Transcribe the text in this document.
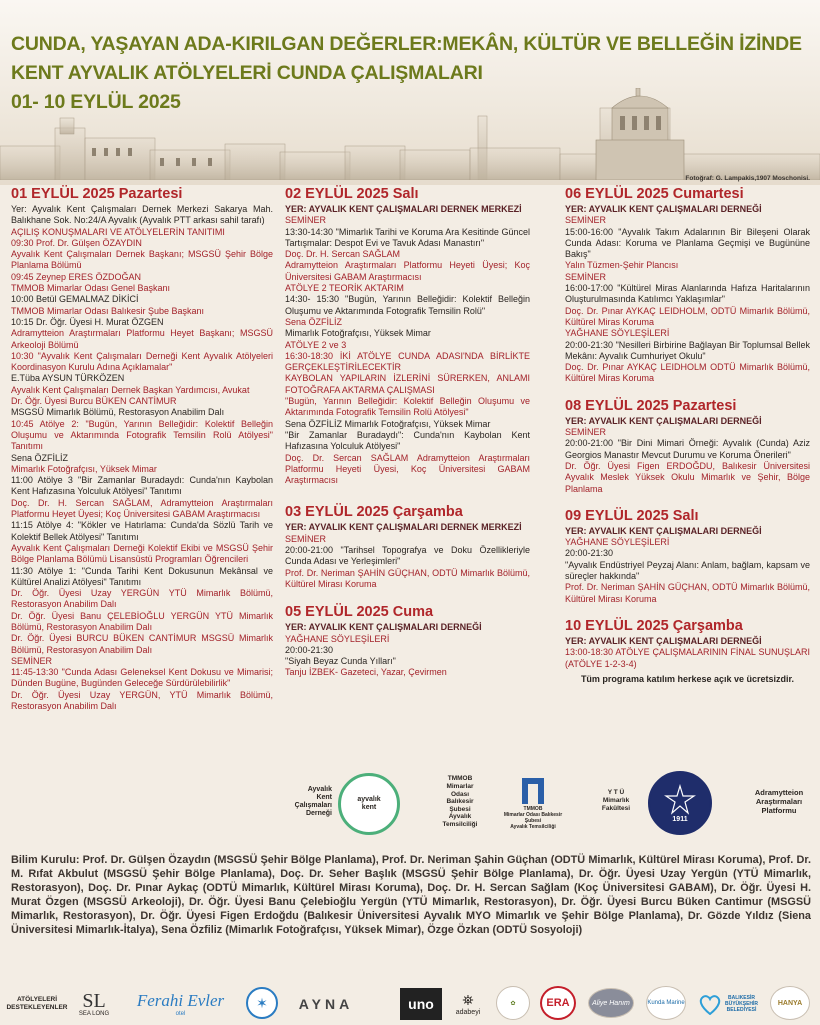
CUNDA, YAŞAYAN ADA-KIRILGAN DEĞERLER:MEKÂN, KÜLTÜR VE BELLEĞİN İZİNDE
KENT AYVALIK ATÖLYELERİ CUNDA ÇALIŞMALARI
01- 10 EYLÜL 2025
Fotoğraf: G. Lampakis,1907 Moschonisi.
01 EYLÜL 2025 Pazartesi
Yer: Ayvalık Kent Çalışmaları Dernek Merkezi Sakarya Mah. Balıkhane Sok. No:24/A Ayvalık (Ayvalık PTT arkası sahil tarafı)
AÇILIŞ KONUŞMALARI VE ATÖLYELERİN TANITIMI
09:30 Prof. Dr. Gülşen ÖZAYDIN
Ayvalık Kent Çalışmaları Dernek Başkanı; MSGSÜ Şehir Bölge Planlama Bölümü
09:45 Zeynep ERES ÖZDOĞAN
TMMOB Mimarlar Odası Genel Başkanı
10:00 Betül GEMALMAZ DİKİCİ
TMMOB Mimarlar Odası Balıkesir Şube Başkanı
10:15 Dr. Öğr. Üyesi H. Murat ÖZGEN
Adramytteion Araştırmaları Platformu Heyet Başkanı; MSGSÜ Arkeoloji Bölümü
10:30 "Ayvalık Kent Çalışmaları Derneği Kent Ayvalık Atölyeleri Koordinasyon Kurulu Adına Açıklamalar"
E.Tüba AYSUN TÜRKÖZEN
Ayvalık Kent Çalışmaları Dernek Başkan Yardımcısı, Avukat
Dr. Öğr. Üyesi Burcu BÜKEN CANTİMUR
MSGSÜ Mimarlık Bölümü, Restorasyon Anabilim Dalı
10:45 Atölye 2: "Bugün, Yarının Belleğidir: Kolektif Belleğin Oluşumu ve Aktarımında Fotografik Temsilin Rolü Atölyesi" Tanıtımı
Sena ÖZFİLİZ
Mimarlık Fotoğrafçısı, Yüksek Mimar
11:00 Atölye 3 "Bir Zamanlar Buradaydı: Cunda'nın Kaybolan Kent Hafızasına Yolculuk Atölyesi" Tanıtımı
Doç. Dr. H. Sercan SAĞLAM, Adramytteion Araştırmaları Platformu Heyet Üyesi; Koç Üniversitesi GABAM Araştırmacısı
11:15 Atölye 4: "Kökler ve Hatırlama: Cunda'da Sözlü Tarih ve Kolektif Bellek Atölyesi" Tanıtımı
Ayvalık Kent Çalışmaları Derneği Kolektif Ekibi ve MSGSÜ Şehir Bölge Planlama Bölümü Lisansüstü Programları Öğrencileri
11:30 Atölye 1: "Cunda Tarihi Kent Dokusunun Mekânsal ve Kültürel Analizi Atölyesi" Tanıtımı
Dr. Öğr. Üyesi Uzay YERGÜN YTÜ Mimarlık Bölümü, Restorasyon Anabilim Dalı
Dr. Öğr. Üyesi Banu ÇELEBİOĞLU YERGÜN YTÜ Mimarlık Bölümü, Restorasyon Anabilim Dalı
Dr. Öğr. Üyesi BURCU BÜKEN CANTİMUR MSGSÜ Mimarlık Bölümü, Restorasyon Anabilim Dalı
SEMİNER
11:45-13:30 "Cunda Adası Geleneksel Kent Dokusu ve Mimarisi; Dünden Bugüne, Bugünden Geleceğe Sürdürülebilirlik"
Dr. Öğr. Üyesi Uzay YERGÜN, YTÜ Mimarlık Bölümü, Restorasyon Anabilim Dalı
02 EYLÜL 2025 Salı
YER: AYVALIK KENT ÇALIŞMALARI DERNEK MERKEZİ
SEMİNER
13:30-14:30 "Mimarlık Tarihi ve Koruma Ara Kesitinde Güncel Tartışmalar: Despot Evi ve Tavuk Adası Manastırı"
Doç. Dr. H. Sercan SAĞLAM
Adramytteion Araştırmaları Platformu Heyeti Üyesi; Koç Üniversitesi GABAM Araştırmacısı
ATÖLYE 2 TEORİK AKTARIM
14:30- 15:30 "Bugün, Yarının Belleğidir: Kolektif Belleğin Oluşumu ve Aktarımında Fotografik Temsilin Rolü"
Sena ÖZFİLİZ
Mimarlık Fotoğrafçısı, Yüksek Mimar
ATÖLYE 2 ve 3
16:30-18:30 İKİ ATÖLYE CUNDA ADASI'NDA BİRLİKTE GERÇEKLEŞTİRİLECEKTİR
KAYBOLAN YAPILARIN İZLERİNİ SÜRERKEN, ANLAMI FOTOĞRAFA AKTARMA ÇALIŞMASI
"Bugün, Yarının Belleğidir: Kolektif Belleğin Oluşumu ve Aktarımında Fotografik Temsilin Rolü Atölyesi"
Sena ÖZFİLİZ Mimarlık Fotoğrafçısı, Yüksek Mimar
"Bir Zamanlar Buradaydı": Cunda'nın Kaybolan Kent Hafızasına Yolculuk Atölyesi"
Doç. Dr. Sercan SAĞLAM Adramytteion Araştırmaları Platformu Heyeti Üyesi, Koç Üniversitesi GABAM Araştırmacısı
03 EYLÜL 2025 Çarşamba
YER: AYVALIK KENT ÇALIŞMALARI DERNEK MERKEZİ
SEMİNER
20:00-21:00 "Tarihsel Topografya ve Doku Özellikleriyle Cunda Adası ve Yerleşimleri"
Prof. Dr. Neriman ŞAHİN GÜÇHAN, ODTÜ Mimarlık Bölümü, Kültürel Mirası Koruma
05 EYLÜL 2025 Cuma
YER: AYVALIK KENT ÇALIŞMALARI DERNEĞİ
YAĞHANE SÖYLEŞİLERİ
20:00-21:30
"Siyah Beyaz Cunda Yılları"
Tanju İZBEK- Gazeteci, Yazar, Çevirmen
06 EYLÜL 2025 Cumartesi
YER: AYVALIK KENT ÇALIŞMALARI DERNEĞİ
SEMİNER
15:00-16:00 "Ayvalık Takım Adalarının Bir Bileşeni Olarak Cunda Adası: Koruma ve Planlama Geçmişi ve Bugününe Bakış"
Yalın Tüzmen-Şehir Plancısı
SEMİNER
16:00-17:00 "Kültürel Miras Alanlarında Hafıza Haritalarının Oluşturulmasında Katılımcı Yaklaşımlar"
Doç. Dr. Pınar AYKAÇ LEIDHOLM, ODTÜ Mimarlık Bölümü, Kültürel Miras Koruma
YAĞHANE SÖYLEŞİLERİ
20:00-21:30 "Nesilleri Birbirine Bağlayan Bir Toplumsal Bellek Mekânı: Ayvalık Cumhuriyet Okulu"
Doç. Dr. Pınar AYKAÇ LEIDHOLM ODTÜ Mimarlık Bölümü, Kültürel Miras Koruma
08 EYLÜL 2025 Pazartesi
YER: AYVALIK KENT ÇALIŞMALARI DERNEĞİ
SEMİNER
20:00-21:00 "Bir Dini Mimari Örneği: Ayvalık (Cunda) Aziz Georgios Manastır Mevcut Durumu ve Koruma Önerileri"
Dr. Öğr. Üyesi Figen ERDOĞDU, Balıkesir Üniversitesi Ayvalık Meslek Yüksek Okulu Mimarlık ve Şehir, Bölge Planlama
09 EYLÜL 2025 Salı
YER: AYVALIK KENT ÇALIŞMALARI DERNEĞİ
YAĞHANE SÖYLEŞİLERİ
20:00-21:30
"Ayvalık Endüstriyel Peyzaj Alanı: Anlam, bağlam, kapsam ve süreçler hakkında"
Prof. Dr. Neriman ŞAHİN GÜÇHAN, ODTÜ Mimarlık Bölümü, Kültürel Mirası Koruma
10 EYLÜL 2025 Çarşamba
YER: AYVALIK KENT ÇALIŞMALARI DERNEĞİ
13:00-18:30 ATÖLYE ÇALIŞMALARININ FİNAL SUNUŞLARI (ATÖLYE 1-2-3-4)
Tüm programa katılım herkese açık ve ücretsizdir.
Ayvalık
Kent
Çalışmaları
Derneği
ayvalık
kent
TMMOB
Mimarlar
Odası
Balıkesir
Şubesi
Ayvalık
Temsilciliği
TMMOB
Mimarlar Odası Balıkesir Şubesi
Ayvalık Temsilciliği
Y T Ü
Mimarlık
Fakültesi
1911
Adramytteion
Araştırmaları
Platformu
Bilim Kurulu: Prof. Dr. Gülşen Özaydın (MSGSÜ Şehir Bölge Planlama), Prof. Dr. Neriman Şahin Güçhan (ODTÜ Mimarlık, Kültürel Mirası Koruma), Prof. Dr. M. Rıfat Akbulut (MSGSÜ Şehir Bölge Planlama), Doç. Dr. Seher Başlık (MSGSÜ Şehir Bölge Planlama), Dr. Öğr. Üyesi Uzay Yergün (YTÜ Mimarlık, Restorasyon), Doç. Dr. Pınar Aykaç (ODTÜ Mimarlık, Kültürel Mirası Koruma), Doç. Dr. H. Sercan Sağlam (Koç Üniversitesi GABAM), Dr. Öğr. Üyesi H. Murat Özgen (MSGSÜ Arkeoloji), Dr. Öğr. Üyesi Banu Çelebioğlu Yergün (YTÜ Mimarlık, Restorasyon), Dr. Öğr. Üyesi Burcu Büken Cantimur (MSGSÜ Mimarlık, Restorasyon), Dr. Öğr. Üyesi Figen Erdoğdu (Balıkesir Üniversitesi Ayvalık MYO Mimarlık ve Şehir Bölge Planlama), Dr. Gözde Yıldız (Siena Üniversitesi Mimarlık-İtalya), Sena Özfiliz (Mimarlık Fotoğrafçısı, Yüksek Mimar), Özge Özkan (ODTÜ Sosyoloji)
ATÖLYELERİ
DESTEKLEYENLER SL
SEA LONG
Ferahi Evler
otel
✶	AYNA	uno	⛯
adabeyi
✿	ERA	Aliye Hanım	Kunda Marine
BALIKESİR
BÜYÜKŞEHİR
BELEDİYESİ
HANYA
